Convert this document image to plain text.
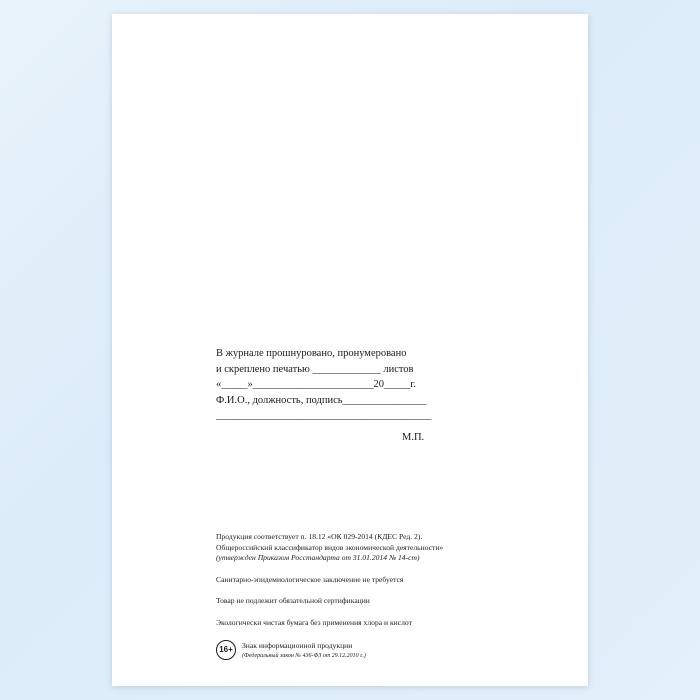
В журнале прошнуровано, пронумеровано
и скреплено печатью _____________ листов
«_____»_______________________20_____г.
Ф.И.О., должность, подпись________________
_________________________________________
М.П.
Продукция соответствует п. 18.12 «ОК 029-2014 (КДЕС Ред. 2).
Общероссийский классификатор видов экономической деятельности»
(утвержден Приказом Росстандарта от 31.01.2014 № 14-ст)
Санитарно-эпидемиологическое заключение не требуется
Товар не подлежит обязательной сертификации
Экологически чистая бумага без применения хлора и кислот
16+	Знак информационной продукции
(Федеральный закон № 436-ФЗ от 29.12.2010 г.)
